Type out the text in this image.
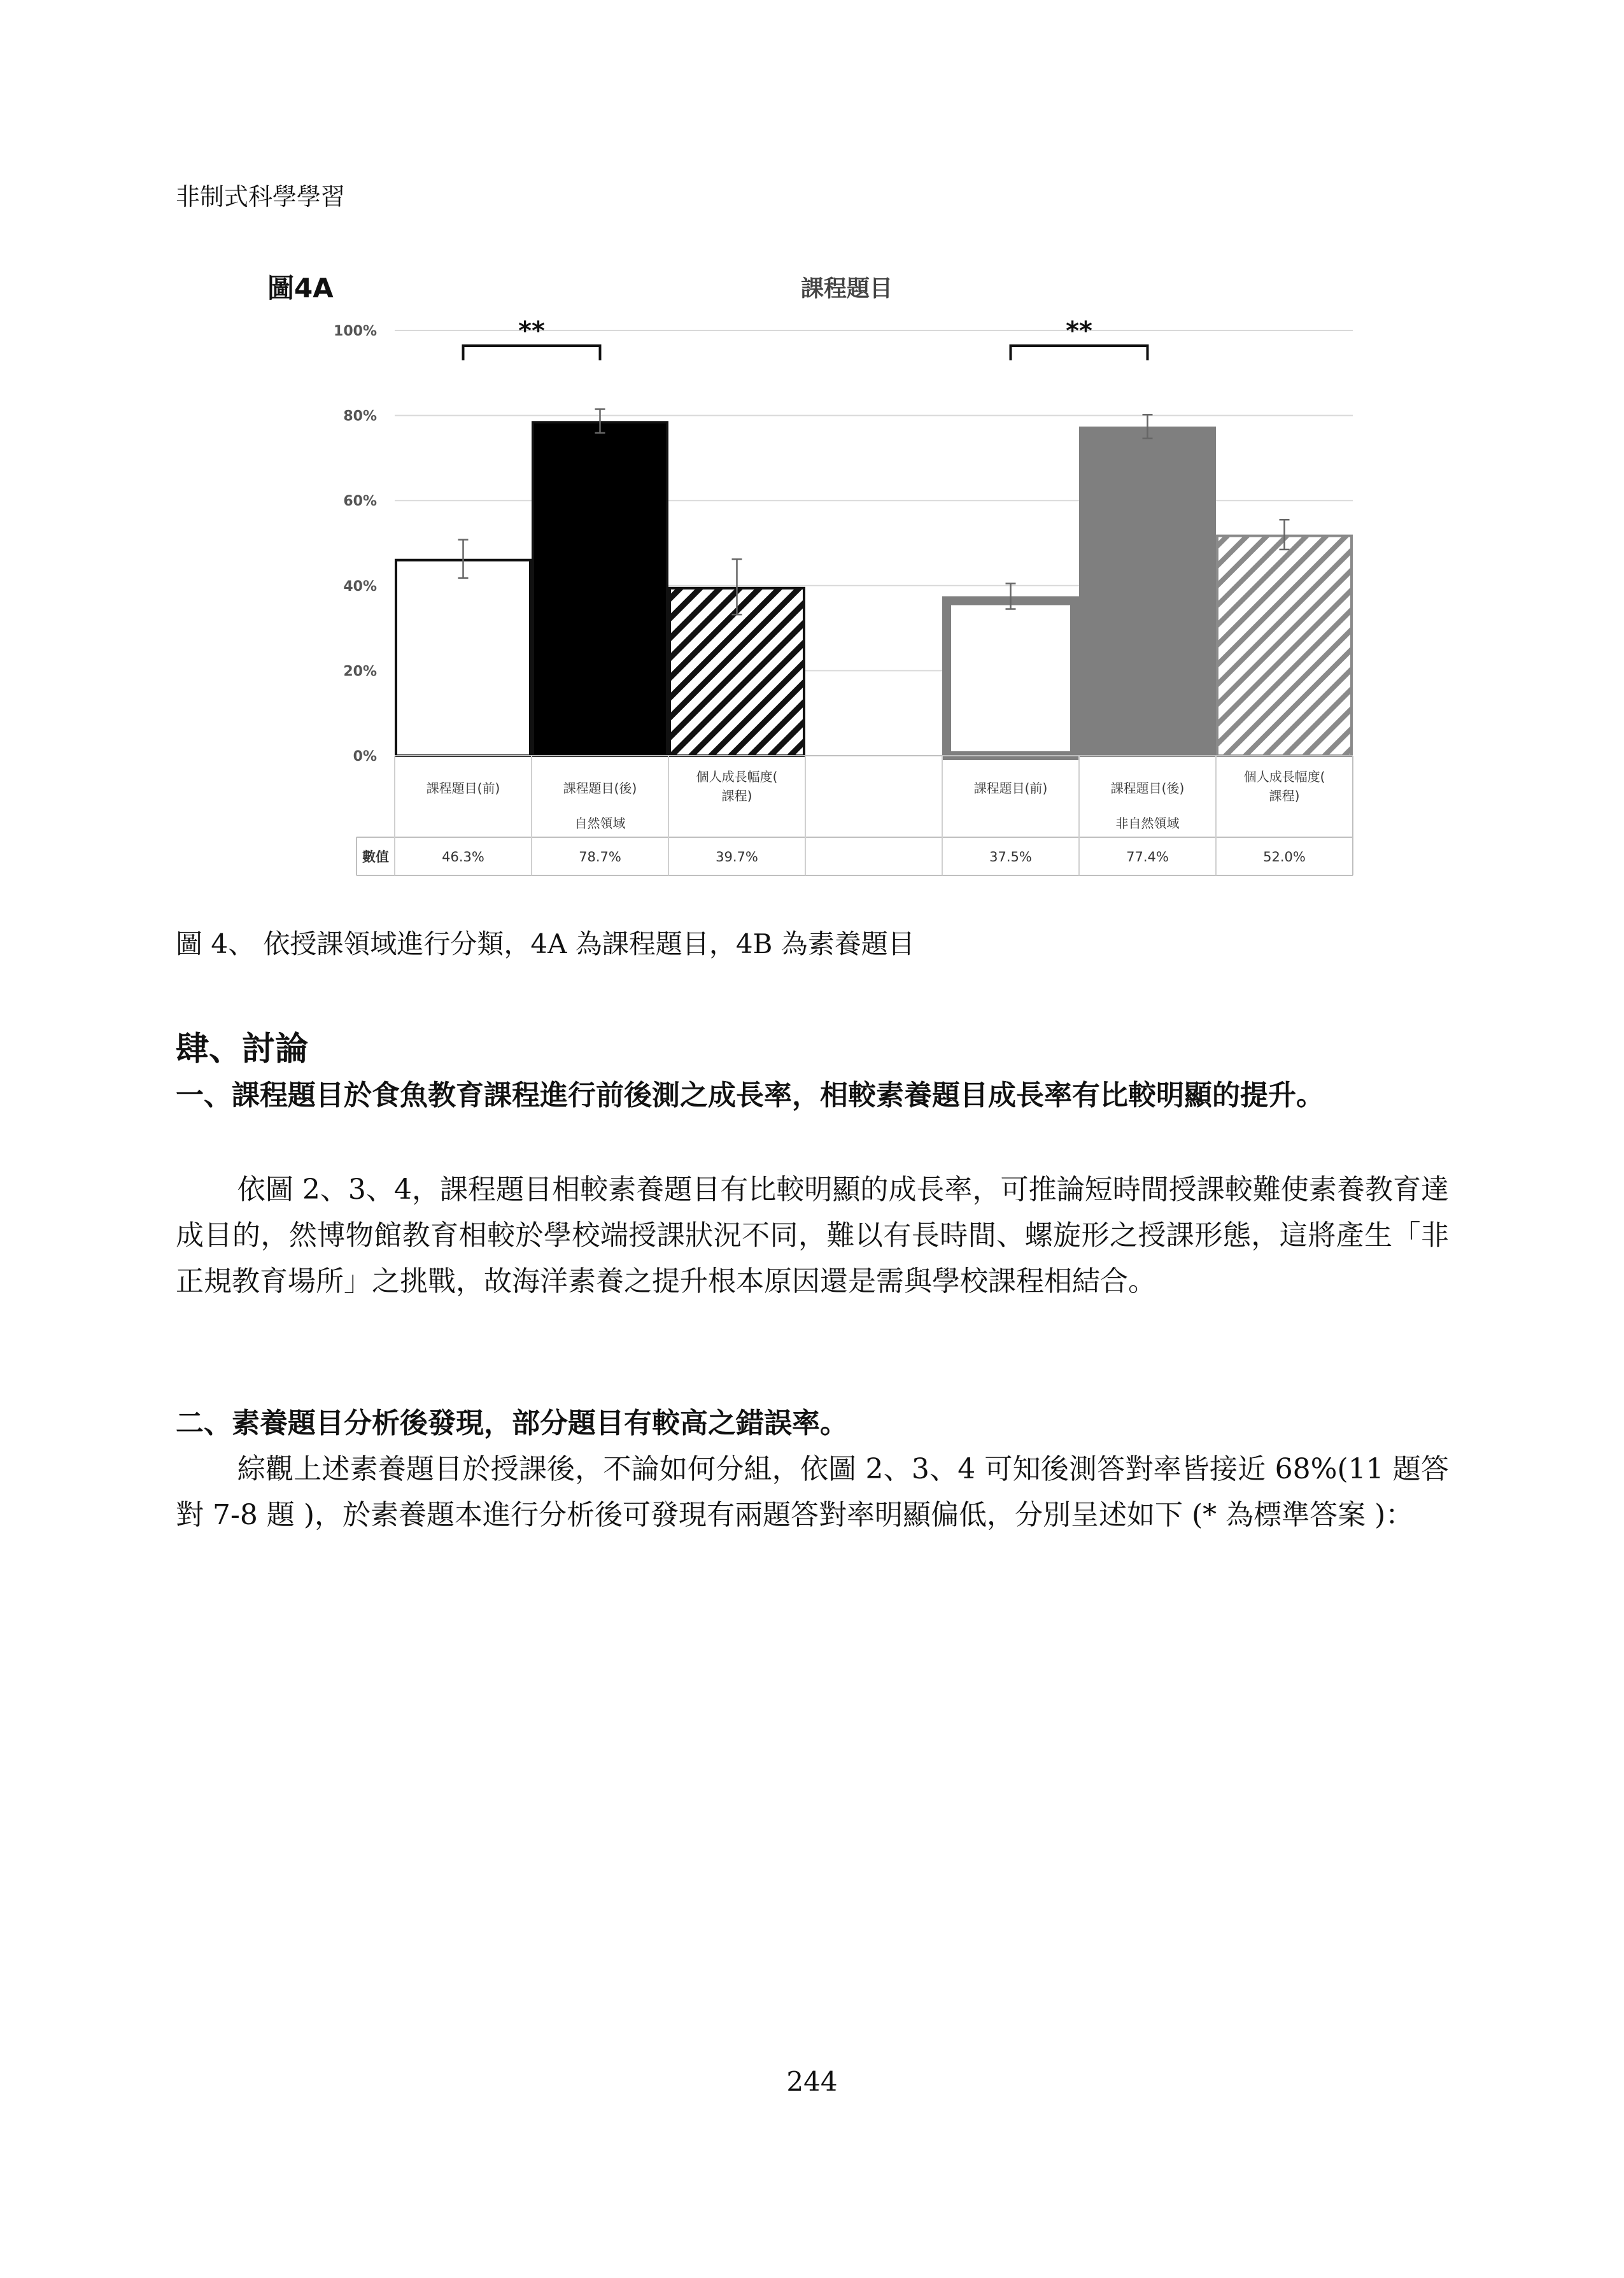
非制式科學學習
課程題目
0%
20%
40%
60%
80%
100%
課程題目(前)
46.3%
課程題目(後)
78.7%
個人成長幅度(
課程)
39.7%
自然領域
**
課程題目(前)
37.5%
課程題目(後)
77.4%
個人成長幅度(
課程)
52.0%
非自然領域
**
數值
圖4A
圖 4、 依授課領域進行分類，4A 為課程題目，4B 為素養題目
肆、討論
一、課程題目於食魚教育課程進行前後測之成長率，相較素養題目成長率有比較明顯的提升。
依圖 2、3、4，課程題目相較素養題目有比較明顯的成長率，可推論短時間授課較難使素養教育達成目的，然博物館教育相較於學校端授課狀況不同，難以有長時間、螺旋形之授課形態，這將產生「非正規教育場所」之挑戰，故海洋素養之提升根本原因還是需與學校課程相結合。
二、素養題目分析後發現，部分題目有較高之錯誤率。
綜觀上述素養題目於授課後，不論如何分組，依圖 2、3、4 可知後測答對率皆接近 68%(11 題答對 7-8 題 )，於素養題本進行分析後可發現有兩題答對率明顯偏低，分別呈述如下 (* 為標準答案 )：
244
